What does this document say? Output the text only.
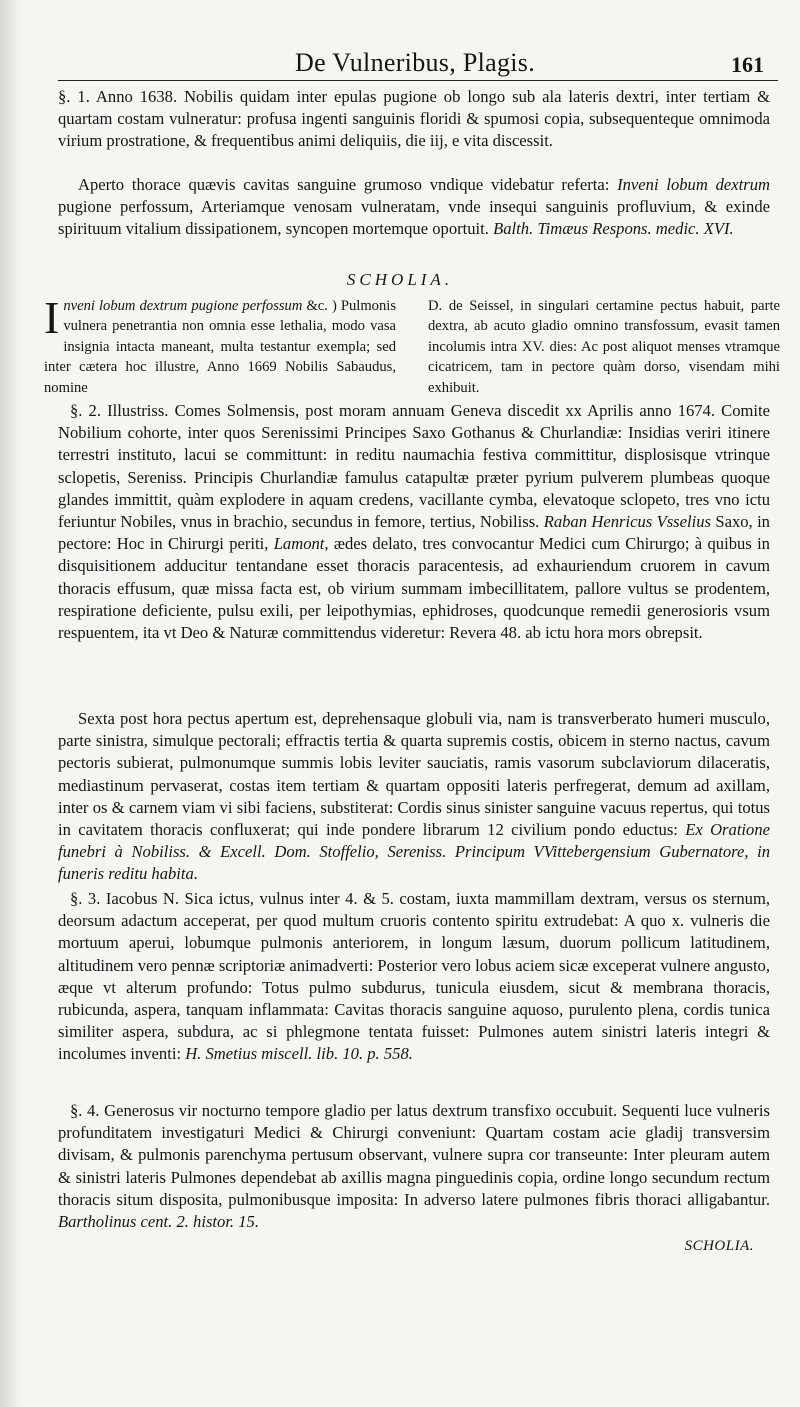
De Vulneribus, Plagis.	161

§. 1. Anno 1638. Nobilis quidam inter epulas pugione ob longo sub ala lateris dextri, inter tertiam & quartam costam vulneratur: profusa ingenti sanguinis floridi & spumosi copia, subsequenteque omnimoda virium prostratione, & frequentibus animi deliquiis, die iij, e vita discessit.

Aperto thorace quævis cavitas sanguine grumoso vndique videbatur referta: Inveni lobum dextrum pugione perfossum, Arteriamque venosam vulneratam, vnde insequi sanguinis profluvium, & exinde spirituum vitalium dissipationem, syncopen mortemque oportuit. Balth. Timæus Respons. medic. XVI.

SCHOLIA.

Inveni lobum dextrum pugione perfossum &c. ) Pulmonis vulnera penetrantia non omnia esse lethalia, modo vasa insignia intacta maneant, multa testantur exempla; sed inter cætera hoc illustre, Anno 1669 Nobilis Sabaudus, nomine

D. de Seissel, in singulari certamine pectus habuit, parte dextra, ab acuto gladio omnino transfossum, evasit tamen incolumis intra XV. dies: Ac post aliquot menses vtramque cicatricem, tam in pectore quàm dorso, visendam mihi exhibuit.

§. 2. Illustriss. Comes Solmensis, post moram annuam Geneva discedit xx Aprilis anno 1674. Comite Nobilium cohorte, inter quos Serenissimi Principes Saxo Gothanus & Churlandiæ: Insidias veriri itinere terrestri instituto, lacui se committunt: in reditu naumachia festiva committitur, displosisque vtrinque sclopetis, Sereniss. Principis Churlandiæ famulus catapultæ præter pyrium pulverem plumbeas quoque glandes immittit, quàm explodere in aquam credens, vacillante cymba, elevatoque sclopeto, tres vno ictu feriuntur Nobiles, vnus in brachio, secundus in femore, tertius, Nobiliss. Raban Henricus Vsselius Saxo, in pectore: Hoc in Chirurgi periti, Lamont, ædes delato, tres convocantur Medici cum Chirurgo; à quibus in disquisitionem adducitur tentandane esset thoracis paracentesis, ad exhauriendum cruorem in cavum thoracis effusum, quæ missa facta est, ob virium summam imbecillitatem, pallore vultus se prodentem, respiratione deficiente, pulsu exili, per leipothymias, ephidroses, quodcunque remedii generosioris vsum respuentem, ita vt Deo & Naturæ committendus videretur: Revera 48. ab ictu hora mors obrepsit.

Sexta post hora pectus apertum est, deprehensaque globuli via, nam is transverberato humeri musculo, parte sinistra, simulque pectorali; effractis tertia & quarta supremis costis, obicem in sterno nactus, cavum pectoris subierat, pulmonumque summis lobis leviter sauciatis, ramis vasorum subclaviorum dilaceratis, mediastinum pervaserat, costas item tertiam & quartam oppositi lateris perfregerat, demum ad axillam, inter os & carnem viam vi sibi faciens, substiterat: Cordis sinus sinister sanguine vacuus repertus, qui totus in cavitatem thoracis confluxerat; qui inde pondere librarum 12 civilium pondo eductus: Ex Oratione funebri à Nobiliss. & Excell. Dom. Stoffelio, Sereniss. Principum VVittebergensium Gubernatore, in funeris reditu habita.

§. 3. Iacobus N. Sica ictus, vulnus inter 4. & 5. costam, iuxta mammillam dextram, versus os sternum, deorsum adactum acceperat, per quod multum cruoris contento spiritu extrudebat: A quo x. vulneris die mortuum aperui, lobumque pulmonis anteriorem, in longum læsum, duorum pollicum latitudinem, altitudinem vero pennæ scriptoriæ animadverti: Posterior vero lobus aciem sicæ exceperat vulnere angusto, æque vt alterum profundo: Totus pulmo subdurus, tunicula eiusdem, sicut & membrana thoracis, rubicunda, aspera, tanquam inflammata: Cavitas thoracis sanguine aquoso, purulento plena, cordis tunica similiter aspera, subdura, ac si phlegmone tentata fuisset: Pulmones autem sinistri lateris integri & incolumes inventi: H. Smetius miscell. lib. 10. p. 558.

§. 4. Generosus vir nocturno tempore gladio per latus dextrum transfixo occubuit. Sequenti luce vulneris profunditatem investigaturi Medici & Chirurgi conveniunt: Quartam costam acie gladij transversim divisam, & pulmonis parenchyma pertusum observant, vulnere supra cor transeunte: Inter pleuram autem & sinistri lateris Pulmones dependebat ab axillis magna pinguedinis copia, ordine longo secundum rectum thoracis situm disposita, pulmonibusque imposita: In adverso latere pulmones fibris thoraci alligabantur. Bartholinus cent. 2. histor. 15.

SCHOLIA.
